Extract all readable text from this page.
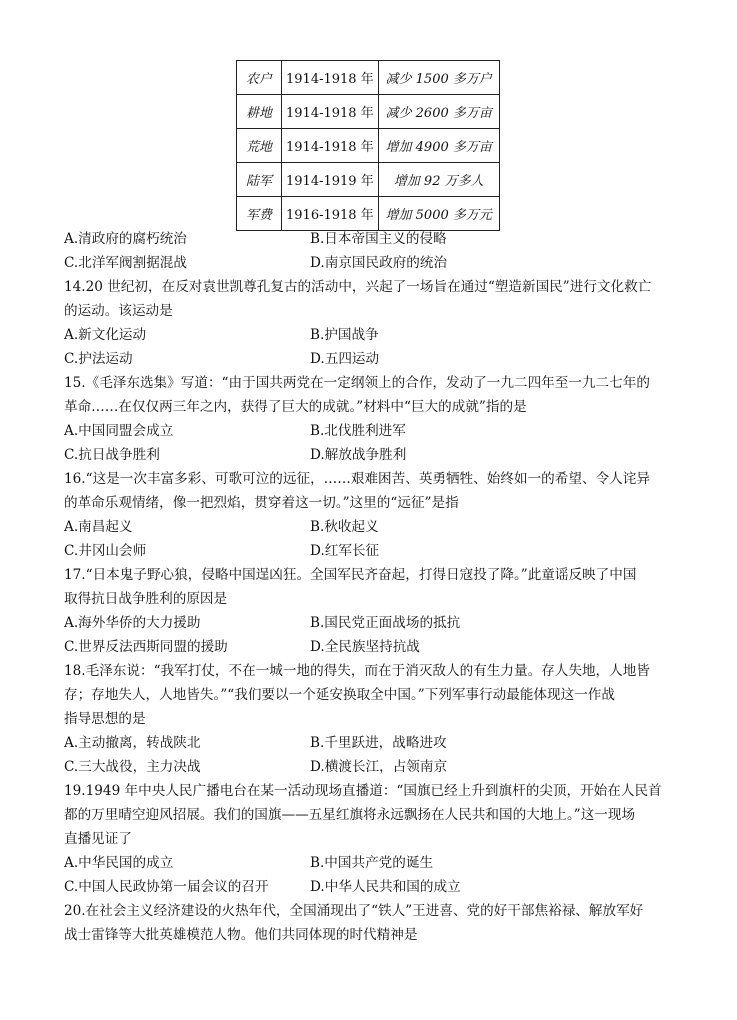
农户	1914-1918 年	减少 1500 多万户
耕地	1914-1918 年	减少 2600 多万亩
荒地	1914-1918 年	增加 4900 多万亩
陆军	1914-1919 年	增加 92 万多人
军费	1916-1918 年	增加 5000 多万元
A.清政府的腐朽统治	B.日本帝国主义的侵略
C.北洋军阀割据混战	D.南京国民政府的统治
14.20 世纪初，在反对袁世凯尊孔复古的活动中，兴起了一场旨在通过“塑造新国民”进行文化救亡
的运动。该运动是
A.新文化运动	B.护国战争
C.护法运动	D.五四运动
15.《毛泽东选集》写道：“由于国共两党在一定纲领上的合作，发动了一九二四年至一九二七年的
革命……在仅仅两三年之内，获得了巨大的成就。”材料中“巨大的成就”指的是
A.中国同盟会成立	B.北伐胜利进军
C.抗日战争胜利	D.解放战争胜利
16.“这是一次丰富多彩、可歌可泣的远征，……艰难困苦、英勇牺牲、始终如一的希望、令人诧异
的革命乐观情绪，像一把烈焰，贯穿着这一切。”这里的“远征”是指
A.南昌起义	B.秋收起义
C.井冈山会师	D.红军长征
17.“日本鬼子野心狼，侵略中国逞凶狂。全国军民齐奋起，打得日寇投了降。”此童谣反映了中国
取得抗日战争胜利的原因是
A.海外华侨的大力援助	B.国民党正面战场的抵抗
C.世界反法西斯同盟的援助	D.全民族坚持抗战
18.毛泽东说：“我军打仗，不在一城一地的得失，而在于消灭敌人的有生力量。存人失地，人地皆
存；存地失人，人地皆失。”“我们要以一个延安换取全中国。”下列军事行动最能体现这一作战
指导思想的是
A.主动撤离，转战陕北	B.千里跃进，战略进攻
C.三大战役，主力决战	D.横渡长江，占领南京
19.1949 年中央人民广播电台在某一活动现场直播道：“国旗已经上升到旗杆的尖顶，开始在人民首
都的万里晴空迎风招展。我们的国旗——五星红旗将永远飘扬在人民共和国的大地上。”这一现场
直播见证了
A.中华民国的成立	B.中国共产党的诞生
C.中国人民政协第一届会议的召开	D.中华人民共和国的成立
20.在社会主义经济建设的火热年代，全国涌现出了“铁人”王进喜、党的好干部焦裕禄、解放军好
战士雷锋等大批英雄模范人物。他们共同体现的时代精神是
